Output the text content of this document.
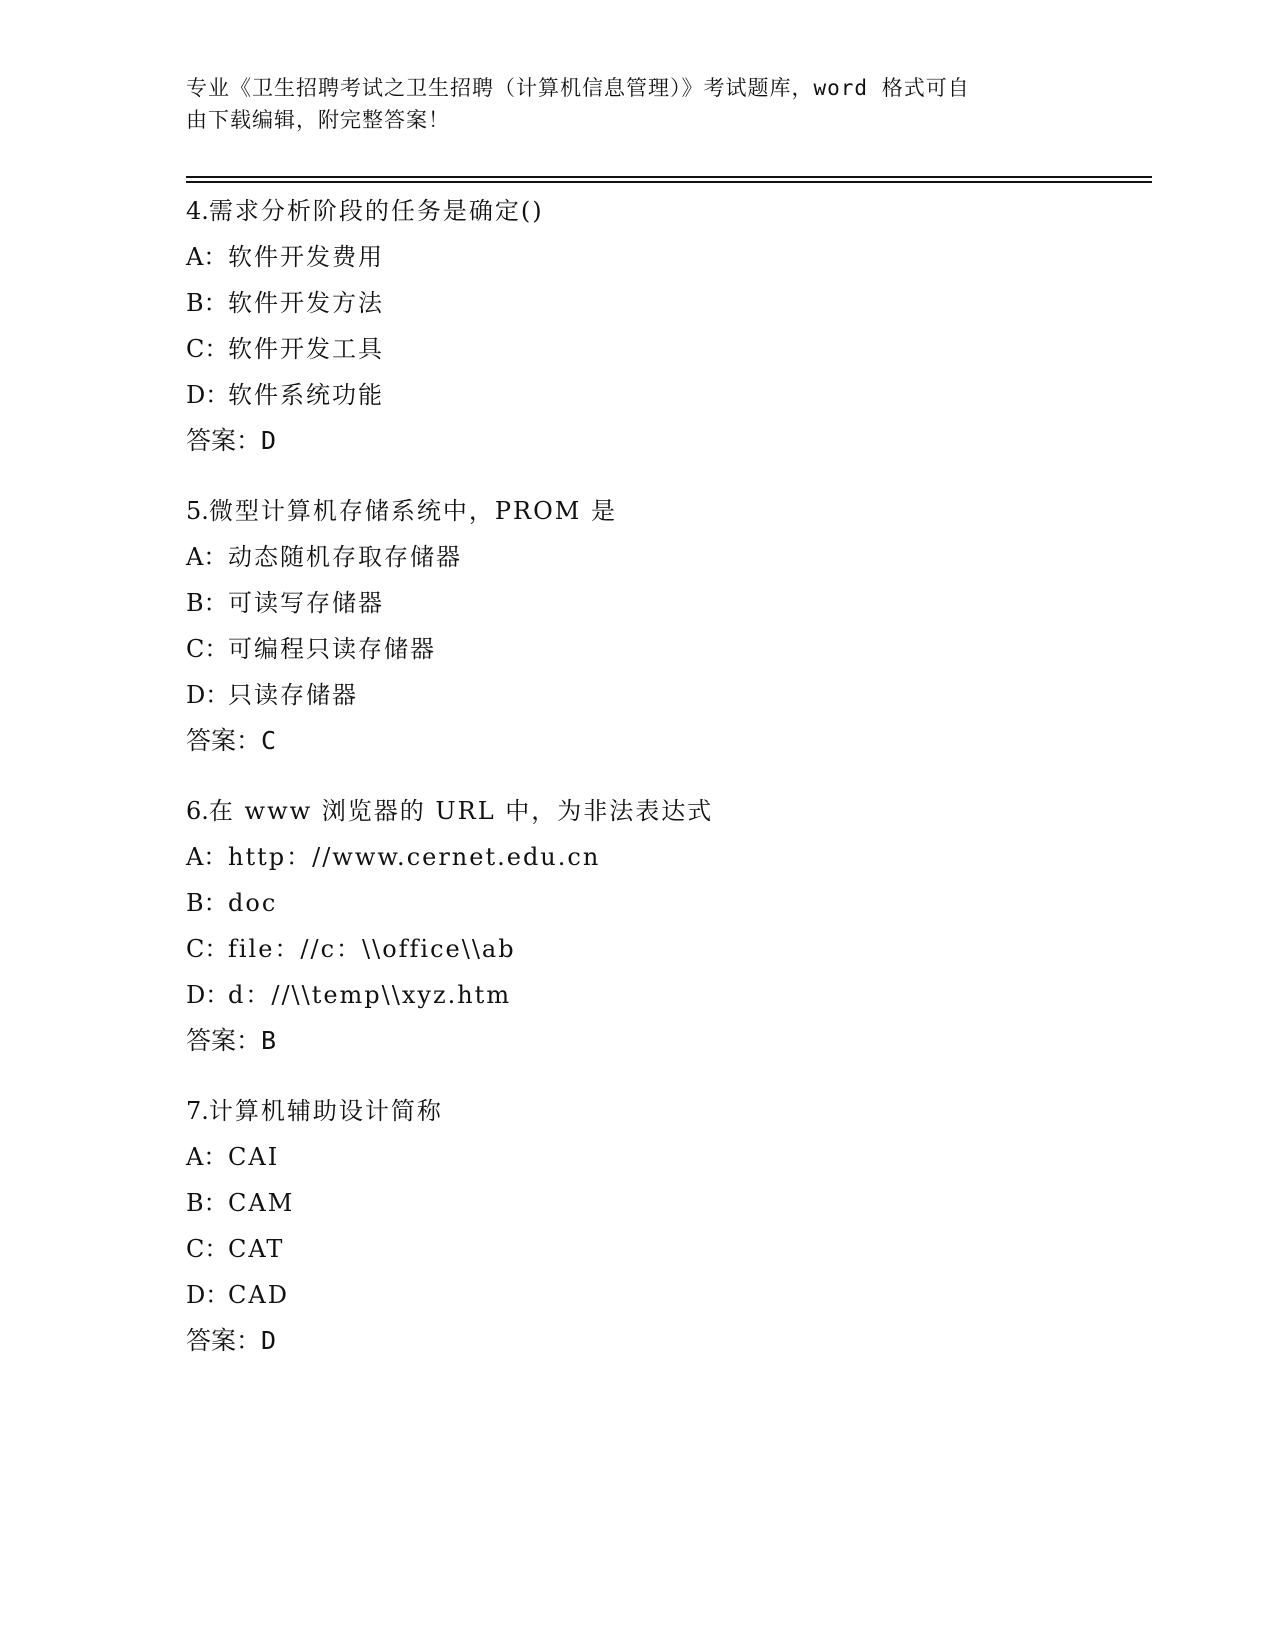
专业《卫生招聘考试之卫生招聘（计算机信息管理）》考试题库，word 格式可自
由下载编辑，附完整答案！
4.需求分析阶段的任务是确定()
A：软件开发费用
B：软件开发方法
C：软件开发工具
D：软件系统功能
答案：D
5.微型计算机存储系统中，PROM 是
A：动态随机存取存储器
B：可读写存储器
C：可编程只读存储器
D：只读存储器
答案：C
6.在 www 浏览器的 URL 中，为非法表达式
A：http：//www.cernet.edu.cn
B：doc
C：file：//c：\\office\\ab
D：d：//\\temp\\xyz.htm
答案：B
7.计算机辅助设计简称
A：CAI
B：CAM
C：CAT
D：CAD
答案：D
